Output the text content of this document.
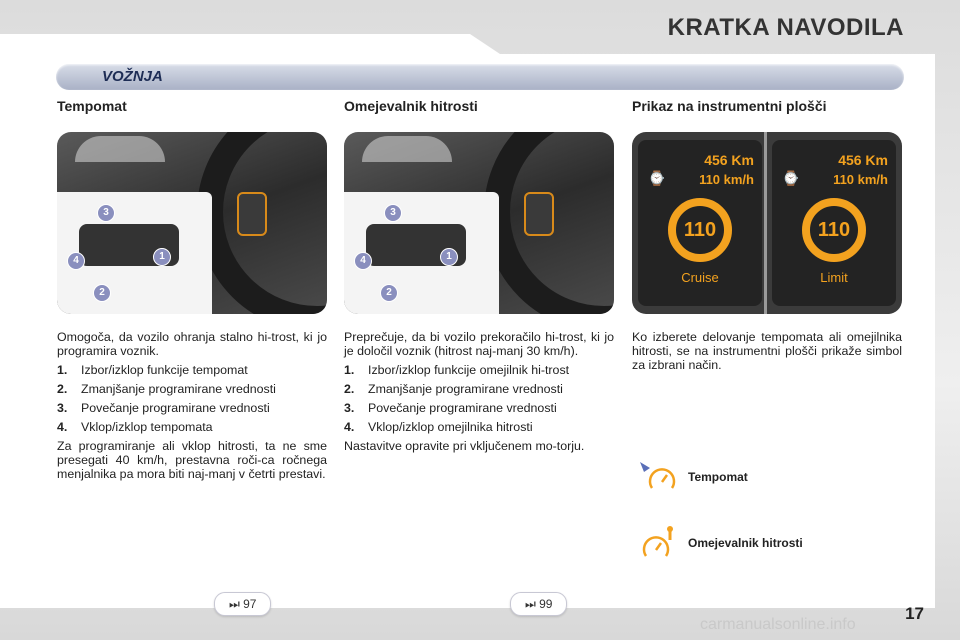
KRATKA NAVODILA
VOŽNJA
Tempomat
3
4	1
2

Omogoča, da vozilo ohranja stalno hi-trost, ki jo programira voznik.

1.	Izbor/izklop funkcije tempomat
2.	Zmanjšanje programirane vrednosti
3.	Povečanje programirane vrednosti
4.	Vklop/izklop tempomata

Za programiranje ali vklop hitrosti, ta ne sme presegati 40 km/h, prestavna roči-ca ročnega menjalnika pa mora biti naj-manj v četrti prestavi.

Omejevalnik hitrosti
3
4	1
2

Preprečuje, da bi vozilo prekoračilo hi-trost, ki jo je določil voznik (hitrost naj-manj 30 km/h).

1.	Izbor/izklop funkcije omejilnik hi-trost
2.	Zmanjšanje programirane vrednosti
3.	Povečanje programirane vrednosti
4.	Vklop/izklop omejilnika hitrosti

Nastavitve opravite pri vključenem mo-torju.

Prikaz na instrumentni plošči
456 Km
⌚	110 km/h
110
Cruise
456 Km
⌚	110 km/h
110
Limit

Ko izberete delovanje tempomata ali omejilnika hitrosti, se na instrumentni plošči prikaže simbol za izbrani način.

Tempomat
Omejevalnik hitrosti
⏭ 97	⏭ 99	17
carmanualsonline.info
